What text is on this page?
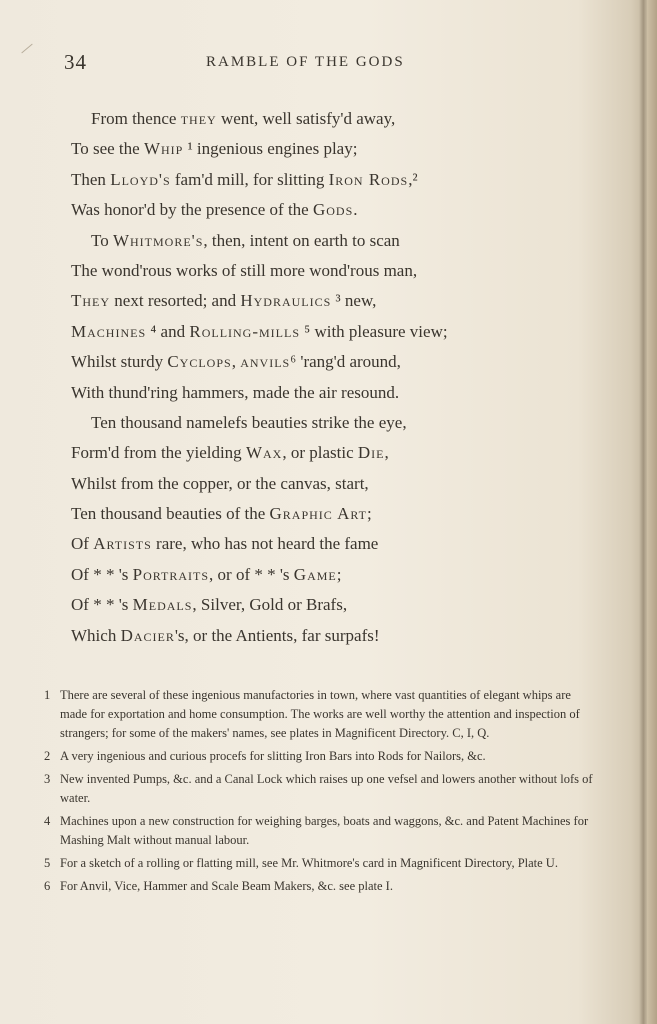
34	RAMBLE OF THE GODS
From thence they went, well satisfy'd away,
To see the Whip ¹ ingenious engines play;
Then Lloyd's fam'd mill, for slitting Iron Rods,²
Was honor'd by the presence of the Gods.
To Whitmore's, then, intent on earth to scan
The wond'rous works of still more wond'rous man,
They next resorted; and Hydraulics ³ new,
Machines ⁴ and Rolling-mills ⁵ with pleasure view;
Whilst sturdy Cyclops, anvils⁶ 'rang'd around,
With thund'ring hammers, made the air resound.
Ten thousand namelefs beauties strike the eye,
Form'd from the yielding Wax, or plastic Die,
Whilst from the copper, or the canvas, start,
Ten thousand beauties of the Graphic Art;
Of Artists rare, who has not heard the fame
Of * * 's Portraits, or of * * 's Game;
Of * * 's Medals, Silver, Gold or Brafs,
Which Dacier's, or the Antients, far surpafs!
1 There are several of these ingenious manufactories in town, where vast quantities of elegant whips are made for exportation and home consumption. The works are well worthy the attention and inspection of strangers; for some of the makers' names, see plates in Magnificent Directory. C, I, Q.
2 A very ingenious and curious procefs for slitting Iron Bars into Rods for Nailors, &c.
3 New invented Pumps, &c. and a Canal Lock which raises up one vefsel and lowers another without lofs of water.
4 Machines upon a new construction for weighing barges, boats and waggons, &c. and Patent Machines for Mashing Malt without manual labour.
5 For a sketch of a rolling or flatting mill, see Mr. Whitmore's card in Magnificent Directory, Plate U.
6 For Anvil, Vice, Hammer and Scale Beam Makers, &c. see plate I.
